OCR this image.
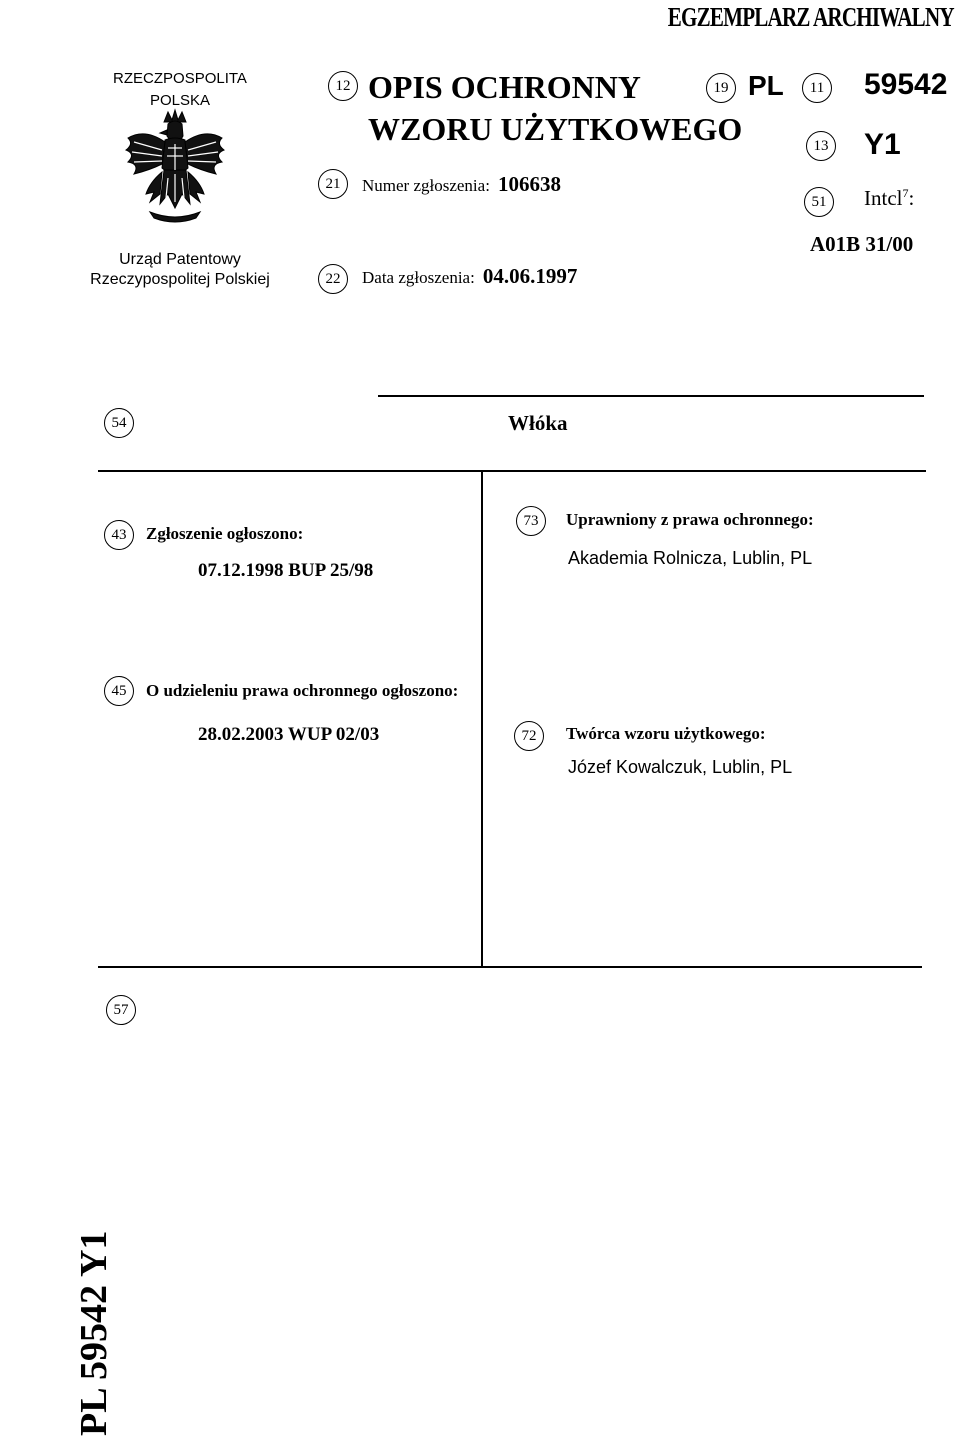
EGZEMPLARZ ARCHIWALNY
RZECZPOSPOLITA
POLSKA
Urząd Patentowy
Rzeczypospolitej Polskiej
12 OPIS OCHRONNY
WZORU UŻYTKOWEGO
19 PL	11 59542
13 Y1
21	Numer zgłoszenia: 106638
51	Intcl$^7$:
A01B 31/00
22	Data zgłoszenia: 04.06.1997
54	Włóka
43	Zgłoszenie ogłoszono:
07.12.1998 BUP 25/98
73	Uprawniony z prawa ochronnego:
Akademia Rolnicza, Lublin, PL
45	O udzieleniu prawa ochronnego ogłoszono:
28.02.2003 WUP 02/03	72	Twórca wzoru użytkowego:
Józef Kowalczuk, Lublin, PL
57
PL 59542 Y1
